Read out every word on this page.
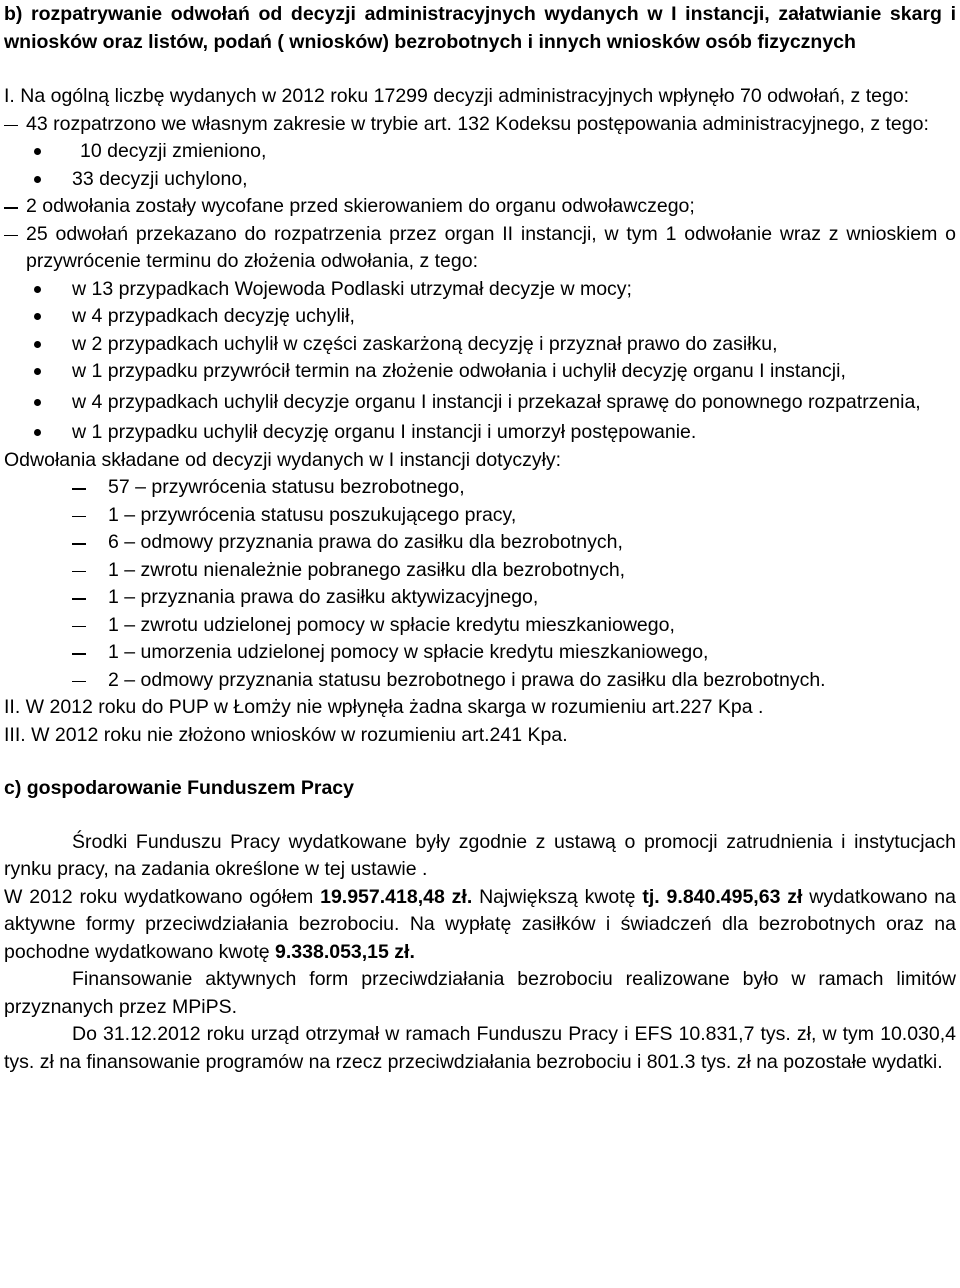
b) rozpatrywanie odwołań od decyzji administracyjnych wydanych w I instancji, załatwianie skarg i wniosków oraz listów, podań ( wniosków) bezrobotnych i innych wniosków osób fizycznych
I. Na ogólną liczbę wydanych w 2012 roku 17299 decyzji administracyjnych wpłynęło 70 odwołań, z tego:
43 rozpatrzono we własnym zakresie w trybie art. 132 Kodeksu postępowania administracyjnego, z tego:
10 decyzji zmieniono,
33 decyzji uchylono,
2 odwołania zostały wycofane przed skierowaniem do organu odwoławczego;
25 odwołań przekazano do rozpatrzenia przez organ II instancji, w tym 1 odwołanie wraz z wnioskiem o przywrócenie terminu do złożenia odwołania, z tego:
w 13 przypadkach Wojewoda Podlaski utrzymał decyzje w mocy;
w 4 przypadkach decyzję uchylił,
w 2 przypadkach uchylił w części zaskarżoną decyzję i przyznał prawo do zasiłku,
w 1 przypadku przywrócił termin na złożenie odwołania i uchylił decyzję organu I instancji,
w 4 przypadkach uchylił decyzje organu I instancji i przekazał sprawę do ponownego rozpatrzenia,
w 1 przypadku uchylił decyzję organu I instancji i umorzył postępowanie.
Odwołania składane od decyzji wydanych w I instancji dotyczyły:
57 – przywrócenia statusu bezrobotnego,
1 – przywrócenia statusu poszukującego pracy,
6 – odmowy przyznania prawa do zasiłku dla bezrobotnych,
1 – zwrotu nienależnie pobranego zasiłku dla bezrobotnych,
1 – przyznania prawa do zasiłku aktywizacyjnego,
1 – zwrotu udzielonej pomocy w spłacie kredytu mieszkaniowego,
1 – umorzenia udzielonej pomocy w spłacie kredytu mieszkaniowego,
2 – odmowy przyznania statusu bezrobotnego i prawa do zasiłku dla bezrobotnych.
II. W 2012 roku do PUP w Łomży nie wpłynęła żadna skarga w rozumieniu art.227 Kpa .
III. W 2012 roku nie złożono wniosków w rozumieniu art.241 Kpa.
c) gospodarowanie Funduszem Pracy
Środki Funduszu Pracy wydatkowane były zgodnie z ustawą o promocji zatrudnienia i instytucjach rynku pracy, na zadania określone w tej ustawie .
W 2012 roku wydatkowano ogółem 19.957.418,48 zł. Największą kwotę tj. 9.840.495,63 zł wydatkowano na aktywne formy przeciwdziałania bezrobociu. Na wypłatę zasiłków i świadczeń dla bezrobotnych oraz na pochodne wydatkowano kwotę 9.338.053,15 zł.
Finansowanie aktywnych form przeciwdziałania bezrobociu realizowane było w ramach limitów przyznanych przez MPiPS.
Do 31.12.2012 roku urząd otrzymał w ramach Funduszu Pracy i EFS 10.831,7 tys. zł, w tym 10.030,4 tys. zł na finansowanie programów na rzecz przeciwdziałania bezrobociu i 801.3 tys. zł na pozostałe wydatki.
